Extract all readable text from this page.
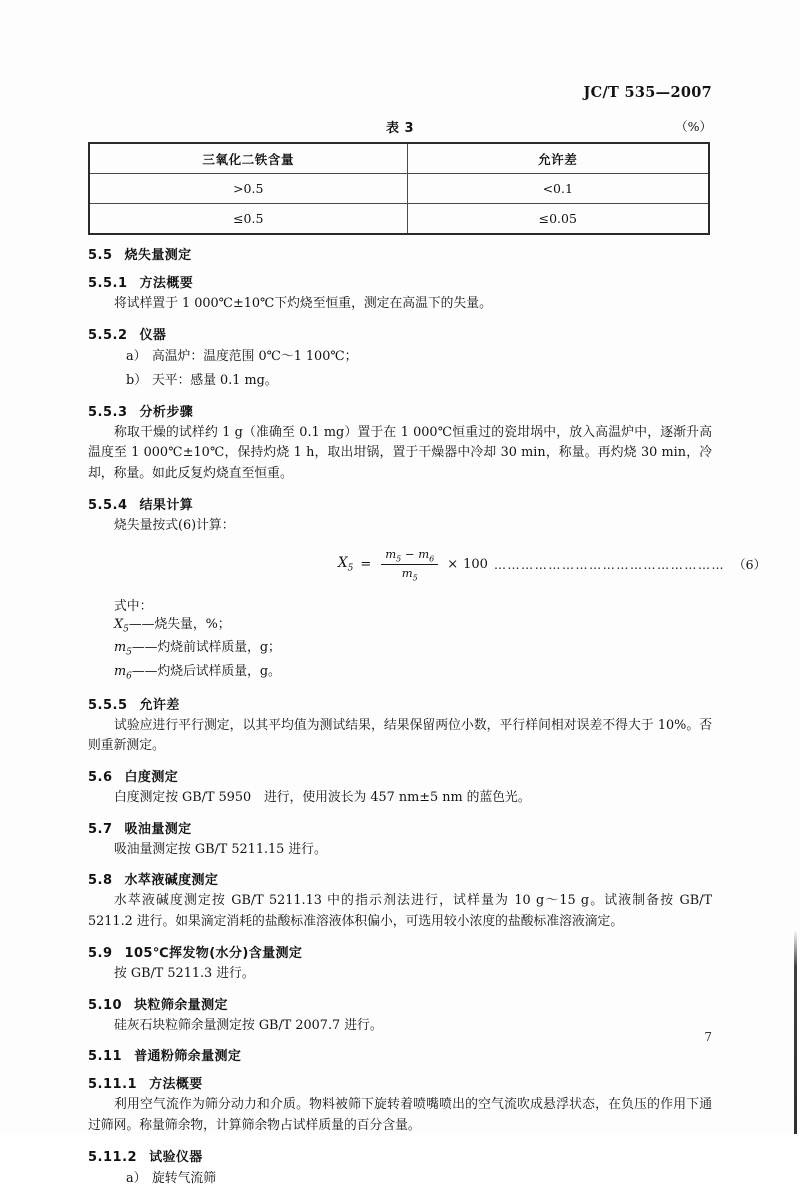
JC/T 535—2007
表 3	（%）
三氧化二铁含量	允许差
>0.5	<0.1
≤0.5	≤0.05
5.5 烧失量测定
5.5.1 方法概要
将试样置于 1 000℃±10℃下灼烧至恒重，测定在高温下的失量。
5.5.2 仪器
a） 高温炉：温度范围 0℃～1 100℃；
b） 天平：感量 0.1 mg。
5.5.3 分析步骤
称取干燥的试样约 1 g（准确至 0.1 mg）置于在 1 000℃恒重过的瓷坩埚中，放入高温炉中，逐渐升高温度至 1 000℃±10℃，保持灼烧 1 h，取出坩锅，置于干燥器中冷却 30 min，称量。再灼烧 30 min，冷却，称量。如此反复灼烧直至恒重。
5.5.4 结果计算
烧失量按式(6)计算：
$X_5 = \frac{m_5 - m_6}{m_5} \times 100$ …………………………………………… （6）
式中：
$X_5——$烧失量，%；
$m_5——$灼烧前试样质量，g；
$m_6——$灼烧后试样质量，g。
5.5.5 允许差
试验应进行平行测定，以其平均值为测试结果，结果保留两位小数，平行样间相对误差不得大于 10%。否则重新测定。
5.6 白度测定
白度测定按 GB/T 5950　进行，使用波长为 457 nm±5 nm 的蓝色光。
5.7 吸油量测定
吸油量测定按 GB/T 5211.15 进行。
5.8 水萃液碱度测定
水萃液碱度测定按 GB/T 5211.13 中的指示剂法进行，试样量为 10 g～15 g。试液制备按 GB/T 5211.2 进行。如果滴定消耗的盐酸标准溶液体积偏小，可选用较小浓度的盐酸标准溶液滴定。
5.9 105℃挥发物(水分)含量测定
按 GB/T 5211.3 进行。
5.10 块粒筛余量测定
硅灰石块粒筛余量测定按 GB/T 2007.7 进行。
5.11 普通粉筛余量测定
5.11.1 方法概要
利用空气流作为筛分动力和介质。物料被筛下旋转着喷嘴喷出的空气流吹成悬浮状态，在负压的作用下通过筛网。称量筛余物，计算筛余物占试样质量的百分含量。
5.11.2 试验仪器
a） 旋转气流筛
7
